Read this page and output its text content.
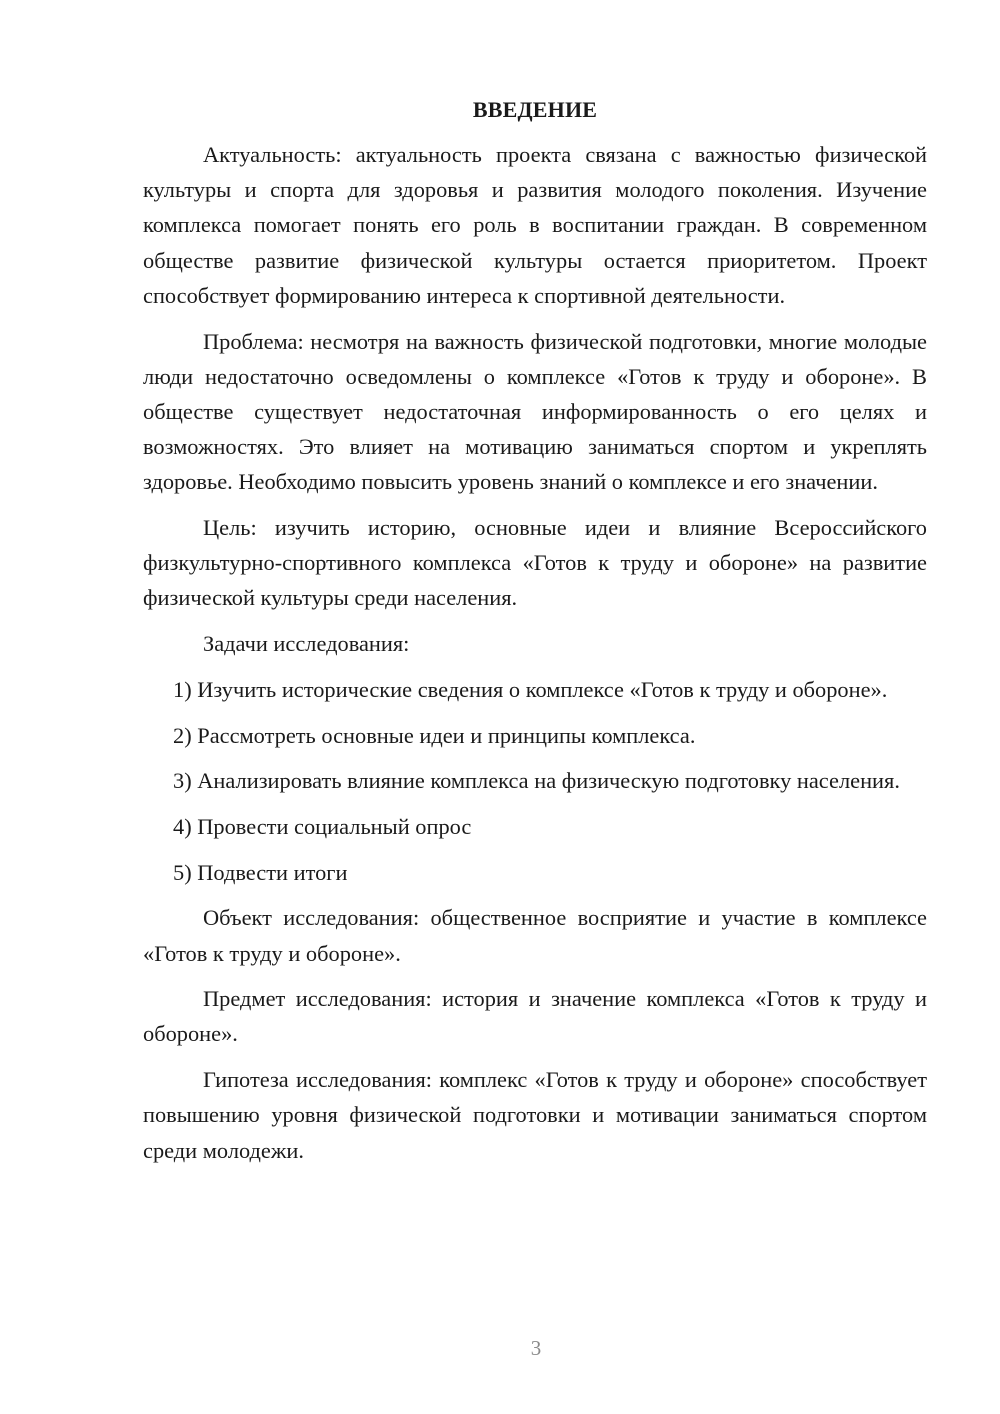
ВВЕДЕНИЕ

Актуальность: актуальность проекта связана с важностью физической культуры и спорта для здоровья и развития молодого поколения. Изучение комплекса помогает понять его роль в воспитании граждан. В современном обществе развитие физической культуры остается приоритетом. Проект способствует формированию интереса к спортивной деятельности.

Проблема: несмотря на важность физической подготовки, многие молодые люди недостаточно осведомлены о комплексе «Готов к труду и обороне». В обществе существует недостаточная информированность о его целях и возможностях. Это влияет на мотивацию заниматься спортом и укреплять здоровье. Необходимо повысить уровень знаний о комплексе и его значении.

Цель: изучить историю, основные идеи и влияние Всероссийского физкультурно-спортивного комплекса «Готов к труду и обороне» на развитие физической культуры среди населения.

Задачи исследования:

1) Изучить исторические сведения о комплексе «Готов к труду и обороне».

2) Рассмотреть основные идеи и принципы комплекса.

3) Анализировать влияние комплекса на физическую подготовку населения.

4) Провести социальный опрос

5) Подвести итоги

Объект исследования: общественное восприятие и участие в комплексе «Готов к труду и обороне».

Предмет исследования: история и значение комплекса «Готов к труду и обороне».

Гипотеза исследования: комплекс «Готов к труду и обороне» способствует повышению уровня физической подготовки и мотивации заниматься спортом среди молодежи.

3
